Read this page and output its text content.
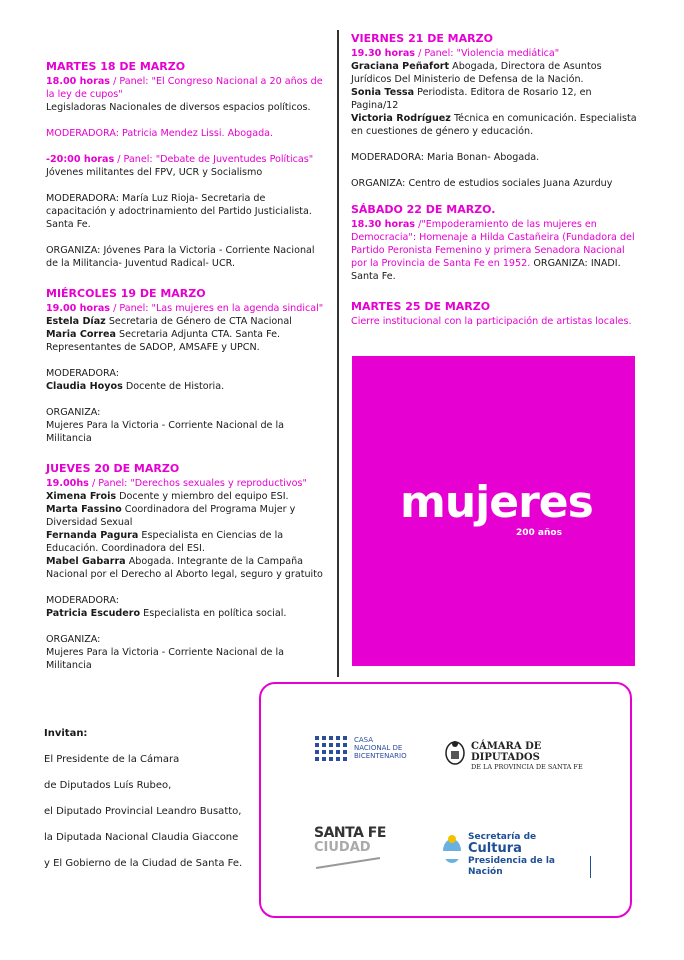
MARTES 18 DE MARZO

18.00 horas / Panel: "El Congreso Nacional a 20 años de la ley de cupos"

Legisladoras Nacionales de diversos espacios políticos.

MODERADORA: Patricia Mendez Lissi. Abogada.

-20:00 horas / Panel: "Debate de Juventudes Políticas"

Jóvenes militantes del FPV, UCR y Socialismo

MODERADORA: María Luz Rioja- Secretaria de capacitación y adoctrinamiento del Partido Justicialista. Santa Fe.

ORGANIZA: Jóvenes Para la Victoria - Corriente Nacional de la Militancia- Juventud Radical- UCR.

MIÉRCOLES 19 DE MARZO

19.00 horas / Panel: "Las mujeres en la agenda sindical"

Estela Díaz Secretaria de Género de CTA Nacional

Maria Correa Secretaria Adjunta CTA. Santa Fe.

Representantes de SADOP, AMSAFE y UPCN.

MODERADORA:

Claudia Hoyos Docente de Historia.

ORGANIZA:

Mujeres Para la Victoria - Corriente Nacional de la Militancia

JUEVES 20 DE MARZO

19.00hs / Panel: "Derechos sexuales y reproductivos"

Ximena Frois Docente y miembro del equipo ESI.

Marta Fassino Coordinadora del Programa Mujer y Diversidad Sexual

Fernanda Pagura Especialista en Ciencias de la Educación. Coordinadora del ESI.

Mabel Gabarra Abogada. Integrante de la Campaña Nacional por el Derecho al Aborto legal, seguro y gratuito

MODERADORA:

Patricia Escudero Especialista en política social.

ORGANIZA:

Mujeres Para la Victoria - Corriente Nacional de la Militancia

VIERNES 21 DE MARZO

19.30 horas / Panel: "Violencia mediática"

Graciana Peñafort Abogada, Directora de Asuntos Jurídicos Del Ministerio de Defensa de la Nación.

Sonia Tessa Periodista. Editora de Rosario 12, en Pagina/12

Victoria Rodríguez Técnica en comunicación. Especialista en cuestiones de género y educación.

MODERADORA: Maria Bonan- Abogada.

ORGANIZA: Centro de estudios sociales Juana Azurduy

SÁBADO 22 DE MARZO.

18.30 horas /"Empoderamiento de las mujeres en Democracia": Homenaje a Hilda Castañeira (Fundadora del Partido Peronista Femenino y primera Senadora Nacional por la Provincia de Santa Fe en 1952. ORGANIZA: INADI. Santa Fe.

MARTES 25 DE MARZO

Cierre institucional con la participación de artistas locales.

mujeres
200 años
Invitan:
El Presidente de la Cámara
de Diputados Luís Rubeo,
el Diputado Provincial Leandro Busatto,
la Diputada Nacional Claudia Giaccone
y El Gobierno de la Ciudad de Santa Fe.
CASA
NACIONAL DE
BICENTENARIO
CÁMARA DE DIPUTADOS
DE LA PROVINCIA DE SANTA FE
SANTA FE
CIUDAD
Secretaría de
Cultura
Presidencia de la Nación
